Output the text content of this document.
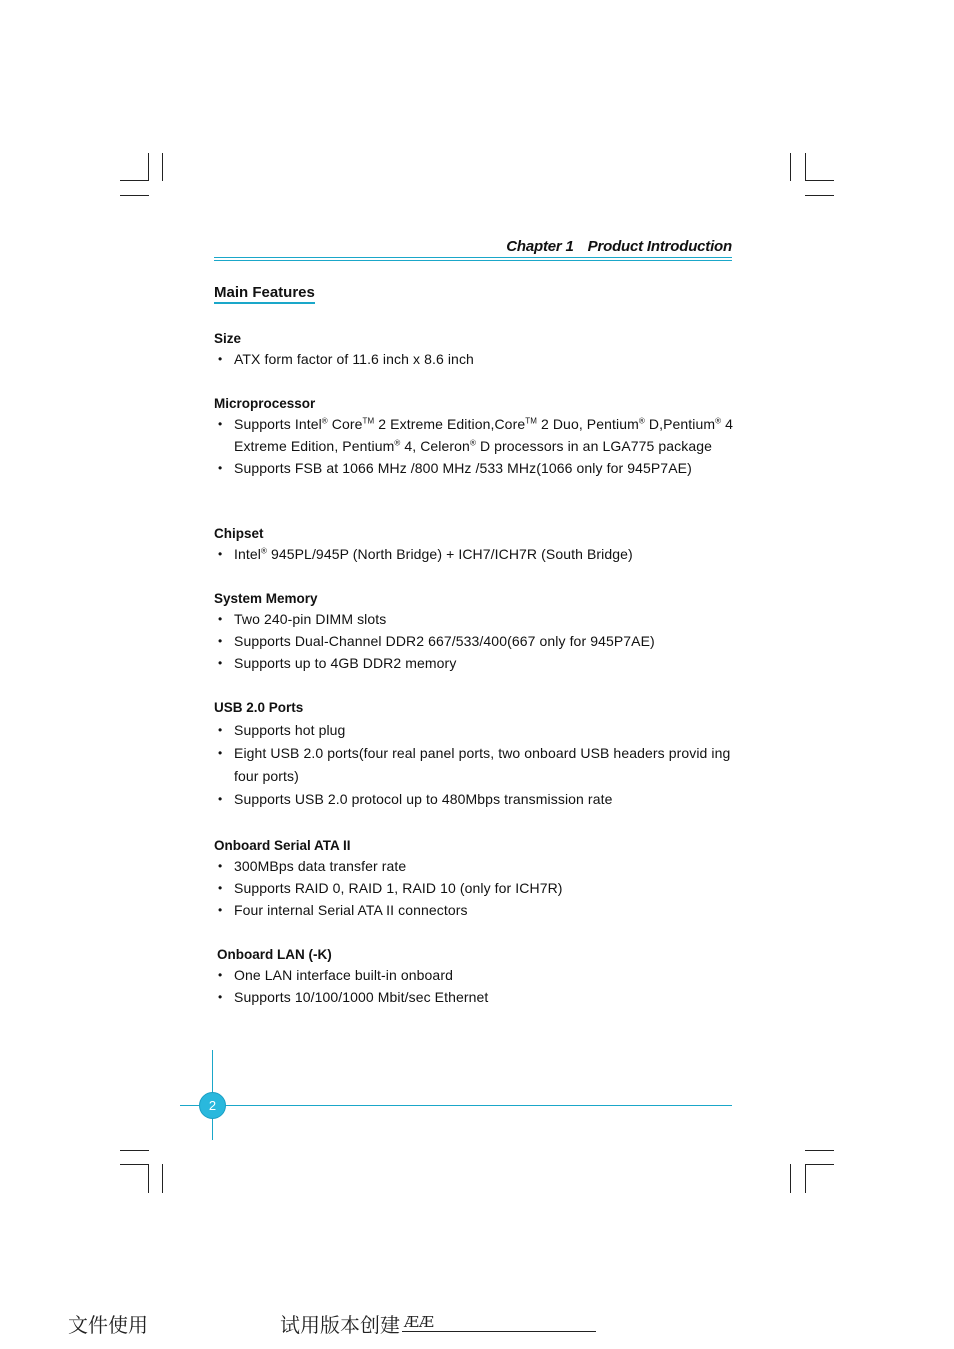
Chapter 1 Product Introduction
Main Features
Size
• ATX form factor of 11.6 inch x 8.6 inch
Microprocessor
• Supports Intel® Core™ 2 Extreme Edition,Core™ 2 Duo, Pentium® D,Pentium® 4 Extreme Edition, Pentium® 4, Celeron® D processors in an LGA775 package
• Supports FSB at 1066 MHz /800 MHz /533 MHz(1066 only for 945P7AE)
Chipset
• Intel® 945PL/945P (North Bridge) + ICH7/ICH7R (South Bridge)
System Memory
• Two 240-pin DIMM slots
• Supports Dual-Channel DDR2 667/533/400(667 only for 945P7AE)
• Supports up to 4GB DDR2 memory
USB 2.0 Ports
• Supports hot plug
• Eight USB 2.0 ports(four real panel ports, two onboard USB headers provid ing four ports)
• Supports USB 2.0 protocol up to 480Mbps transmission rate
Onboard Serial ATA II
• 300MBps data transfer rate
• Supports RAID 0, RAID 1, RAID 10 (only for ICH7R)
• Four internal Serial ATA II connectors
Onboard LAN (-K)
• One LAN interface built-in onboard
• Supports 10/100/1000 Mbit/sec Ethernet
2
文件使用	试用版本创建 ÆÆ
